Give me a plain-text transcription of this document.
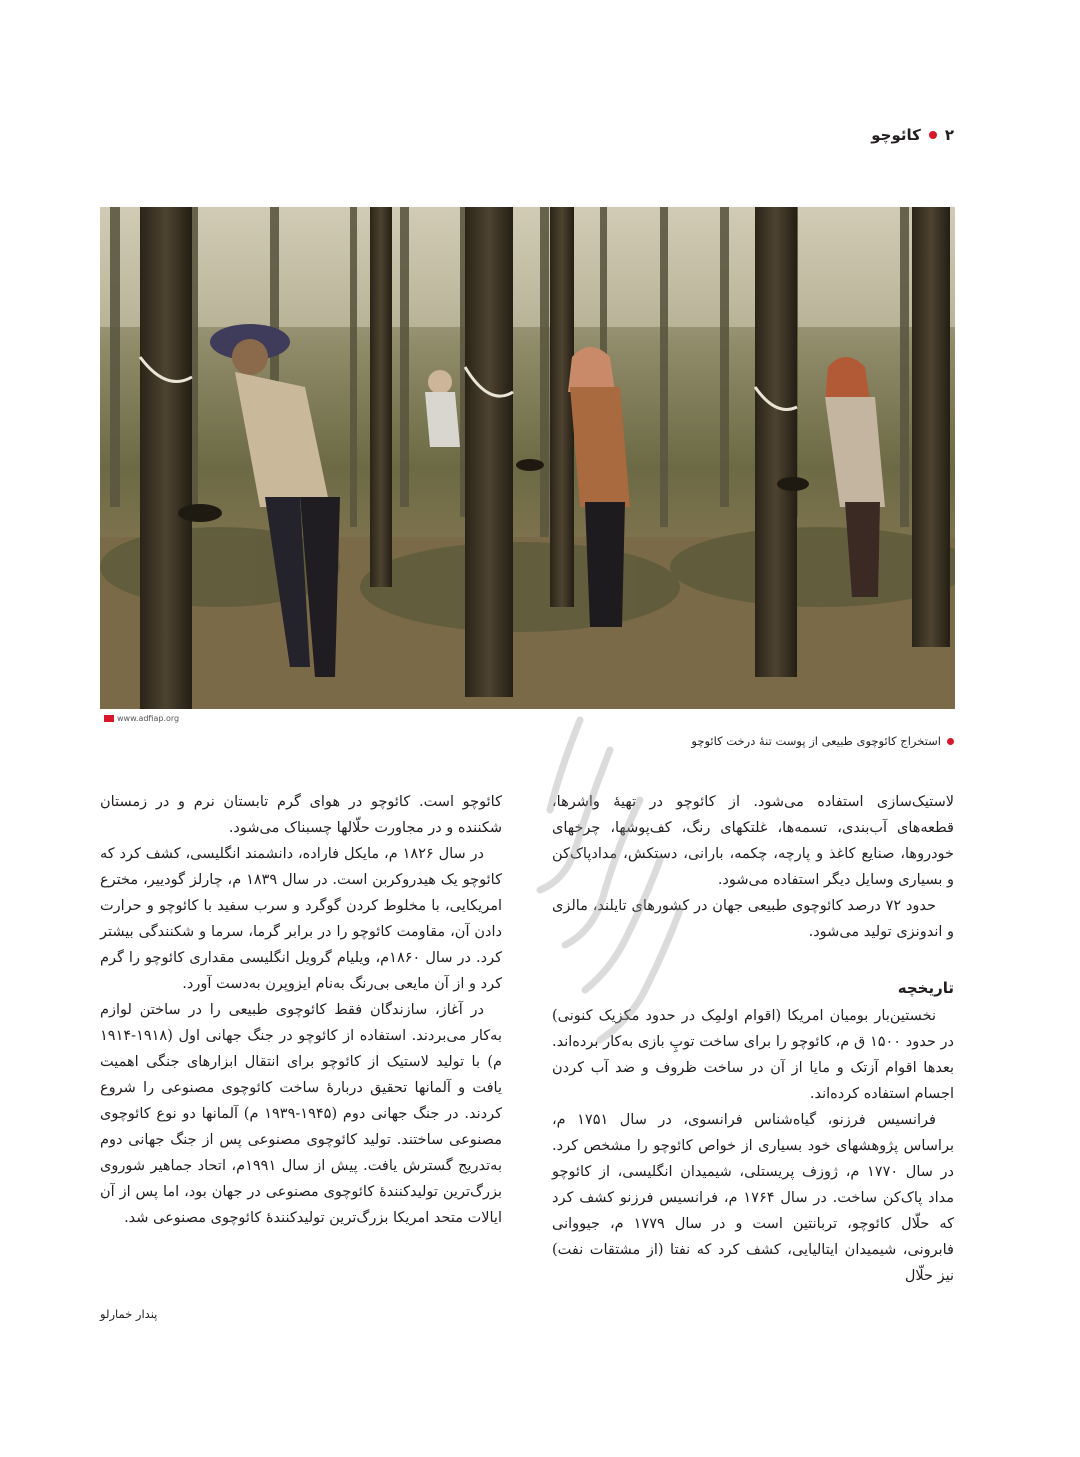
۲
کائوچو
www.adfiap.org
استخراج کائوچوی طبیعی از پوست تنهٔ درخت کائوچو

لاستیک‌سازی استفاده می‌شود. از کائوچو در تهیهٔ واشرها، قطعه‌های آب‌بندی، تسمه‌ها، غلتکهای رنگ، کف‌پوشها، چرخهای خودروها، صنایع کاغذ و پارچه، چکمه، بارانی، دستکش، مدادپاک‌کن و بسیاری وسایل دیگر استفاده می‌شود.

حدود ۷۲ درصد کائوچوی طبیعی جهان در کشورهای تایلند، مالزی و اندونزی تولید می‌شود.

تاریخچه

نخستین‌بار بومیان امریکا (اقوام اولمِک در حدود مکزیک کنونی) در حدود ۱۵۰۰ ق م، کائوچو را برای ساخت توپِ بازی به‌کار برده‌اند. بعدها اقوام آزتک و مایا از آن در ساخت ظروف و ضد آب کردن اجسام استفاده کرده‌اند.

فرانسیس فرزنو، گیاه‌شناس فرانسوی، در سال ۱۷۵۱ م، براساس پژوهشهای خود بسیاری از خواص کائوچو را مشخص کرد. در سال ۱۷۷۰ م، ژوزف پریستلی، شیمیدان انگلیسی، از کائوچو مداد پاک‌کن ساخت. در سال ۱۷۶۴ م، فرانسیس فرزنو کشف کرد که حلّال کائوچو، تربانتین است و در سال ۱۷۷۹ م، جیووانی فابرونی، شیمیدان ایتالیایی، کشف کرد که نفتا (از مشتقات نفت) نیز حلّال

کائوچو است. کائوچو در هوای گرم تابستان نرم و در زمستان شکننده و در مجاورت حلّالها چسبناک می‌شود.

در سال ۱۸۲۶ م، مایکل فاراده، دانشمند انگلیسی، کشف کرد که کائوچو یک هیدروکربن است. در سال ۱۸۳۹ م، چارلز گودییر، مخترع امریکایی، با مخلوط کردن گوگرد و سرب سفید با کائوچو و حرارت دادن آن، مقاومت کائوچو را در برابر گرما، سرما و شکنندگی بیشتر کرد. در سال ۱۸۶۰م، ویلیام گرویل انگلیسی مقداری کائوچو را گرم کرد و از آن مایعی بی‌رنگ به‌نام ایزوپرن به‌دست آورد.

در آغاز، سازندگان فقط کائوچوی طبیعی را در ساختن لوازم به‌کار می‌بردند. استفاده از کائوچو در جنگ جهانی اول (۱۹۱۸-۱۹۱۴ م) با تولید لاستیک از کائوچو برای انتقال ابزارهای جنگی اهمیت یافت و آلمانها تحقیق دربارهٔ ساخت کائوچوی مصنوعی را شروع کردند. در جنگ جهانی دوم (۱۹۴۵-۱۹۳۹ م) آلمانها دو نوع کائوچوی مصنوعی ساختند. تولید کائوچوی مصنوعی پس از جنگ جهانی دوم به‌تدریج گسترش یافت. پیش از سال ۱۹۹۱م، اتحاد جماهیر شوروی بزرگ‌ترین تولیدکنندهٔ کائوچوی مصنوعی در جهان بود، اما پس از آن ایالات متحد امریکا بزرگ‌ترین تولیدکنندهٔ کائوچوی مصنوعی شد.

پندار خمارلو
